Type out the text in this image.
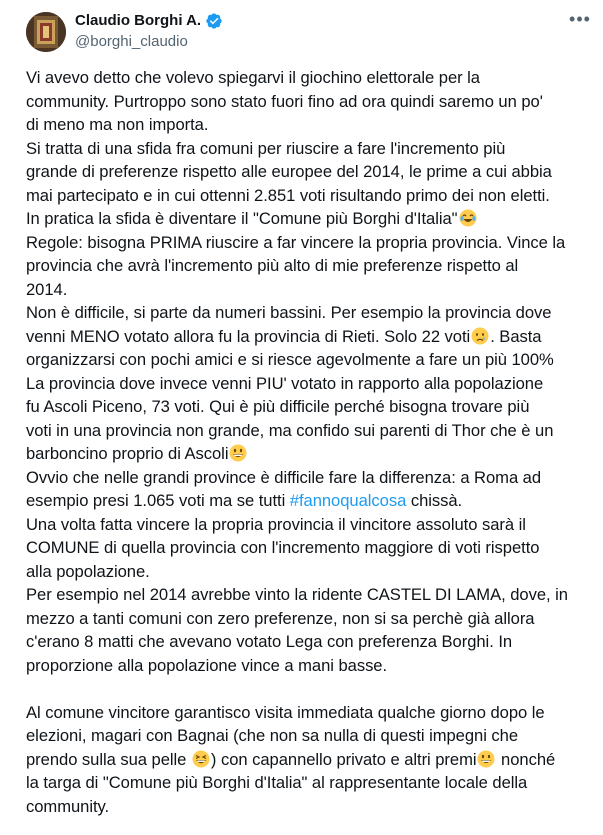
Claudio Borghi A.
@borghi_claudio
•••
Vi avevo detto che volevo spiegarvi il giochino elettorale per la
community. Purtroppo sono stato fuori fino ad ora quindi saremo un po'
di meno ma non importa.
Si tratta di una sfida fra comuni per riuscire a fare l'incremento più
grande di preferenze rispetto alle europee del 2014, le prime a cui abbia
mai partecipato e in cui ottenni 2.851 voti risultando primo dei non eletti.
In pratica la sfida è diventare il "Comune più Borghi d'Italia"
Regole: bisogna PRIMA riuscire a far vincere la propria provincia. Vince la
provincia che avrà l'incremento più alto di mie preferenze rispetto al
2014.
Non è difficile, si parte da numeri bassini. Per esempio la provincia dove
venni MENO votato allora fu la provincia di Rieti. Solo 22 voti . Basta
organizzarsi con pochi amici e si riesce agevolmente a fare un più 100%
La provincia dove invece venni PIU' votato in rapporto alla popolazione
fu Ascoli Piceno, 73 voti. Qui è più difficile perché bisogna trovare più
voti in una provincia non grande, ma confido sui parenti di Thor che è un
barboncino proprio di Ascoli
Ovvio che nelle grandi province è difficile fare la differenza: a Roma ad
esempio presi 1.065 voti ma se tutti #fannoqualcosa chissà.
Una volta fatta vincere la propria provincia il vincitore assoluto sarà il
COMUNE di quella provincia con l'incremento maggiore di voti rispetto
alla popolazione.
Per esempio nel 2014 avrebbe vinto la ridente CASTEL DI LAMA, dove, in
mezzo a tanti comuni con zero preferenze, non si sa perchè già allora
c'erano 8 matti che avevano votato Lega con preferenza Borghi. In
proporzione alla popolazione vince a mani basse.
Al comune vincitore garantisco visita immediata qualche giorno dopo le
elezioni, magari con Bagnai (che non sa nulla di questi impegni che
prendo sulla sua pelle ) con capannello privato e altri premi nonché
la targa di "Comune più Borghi d'Italia" al rappresentante locale della
community.
